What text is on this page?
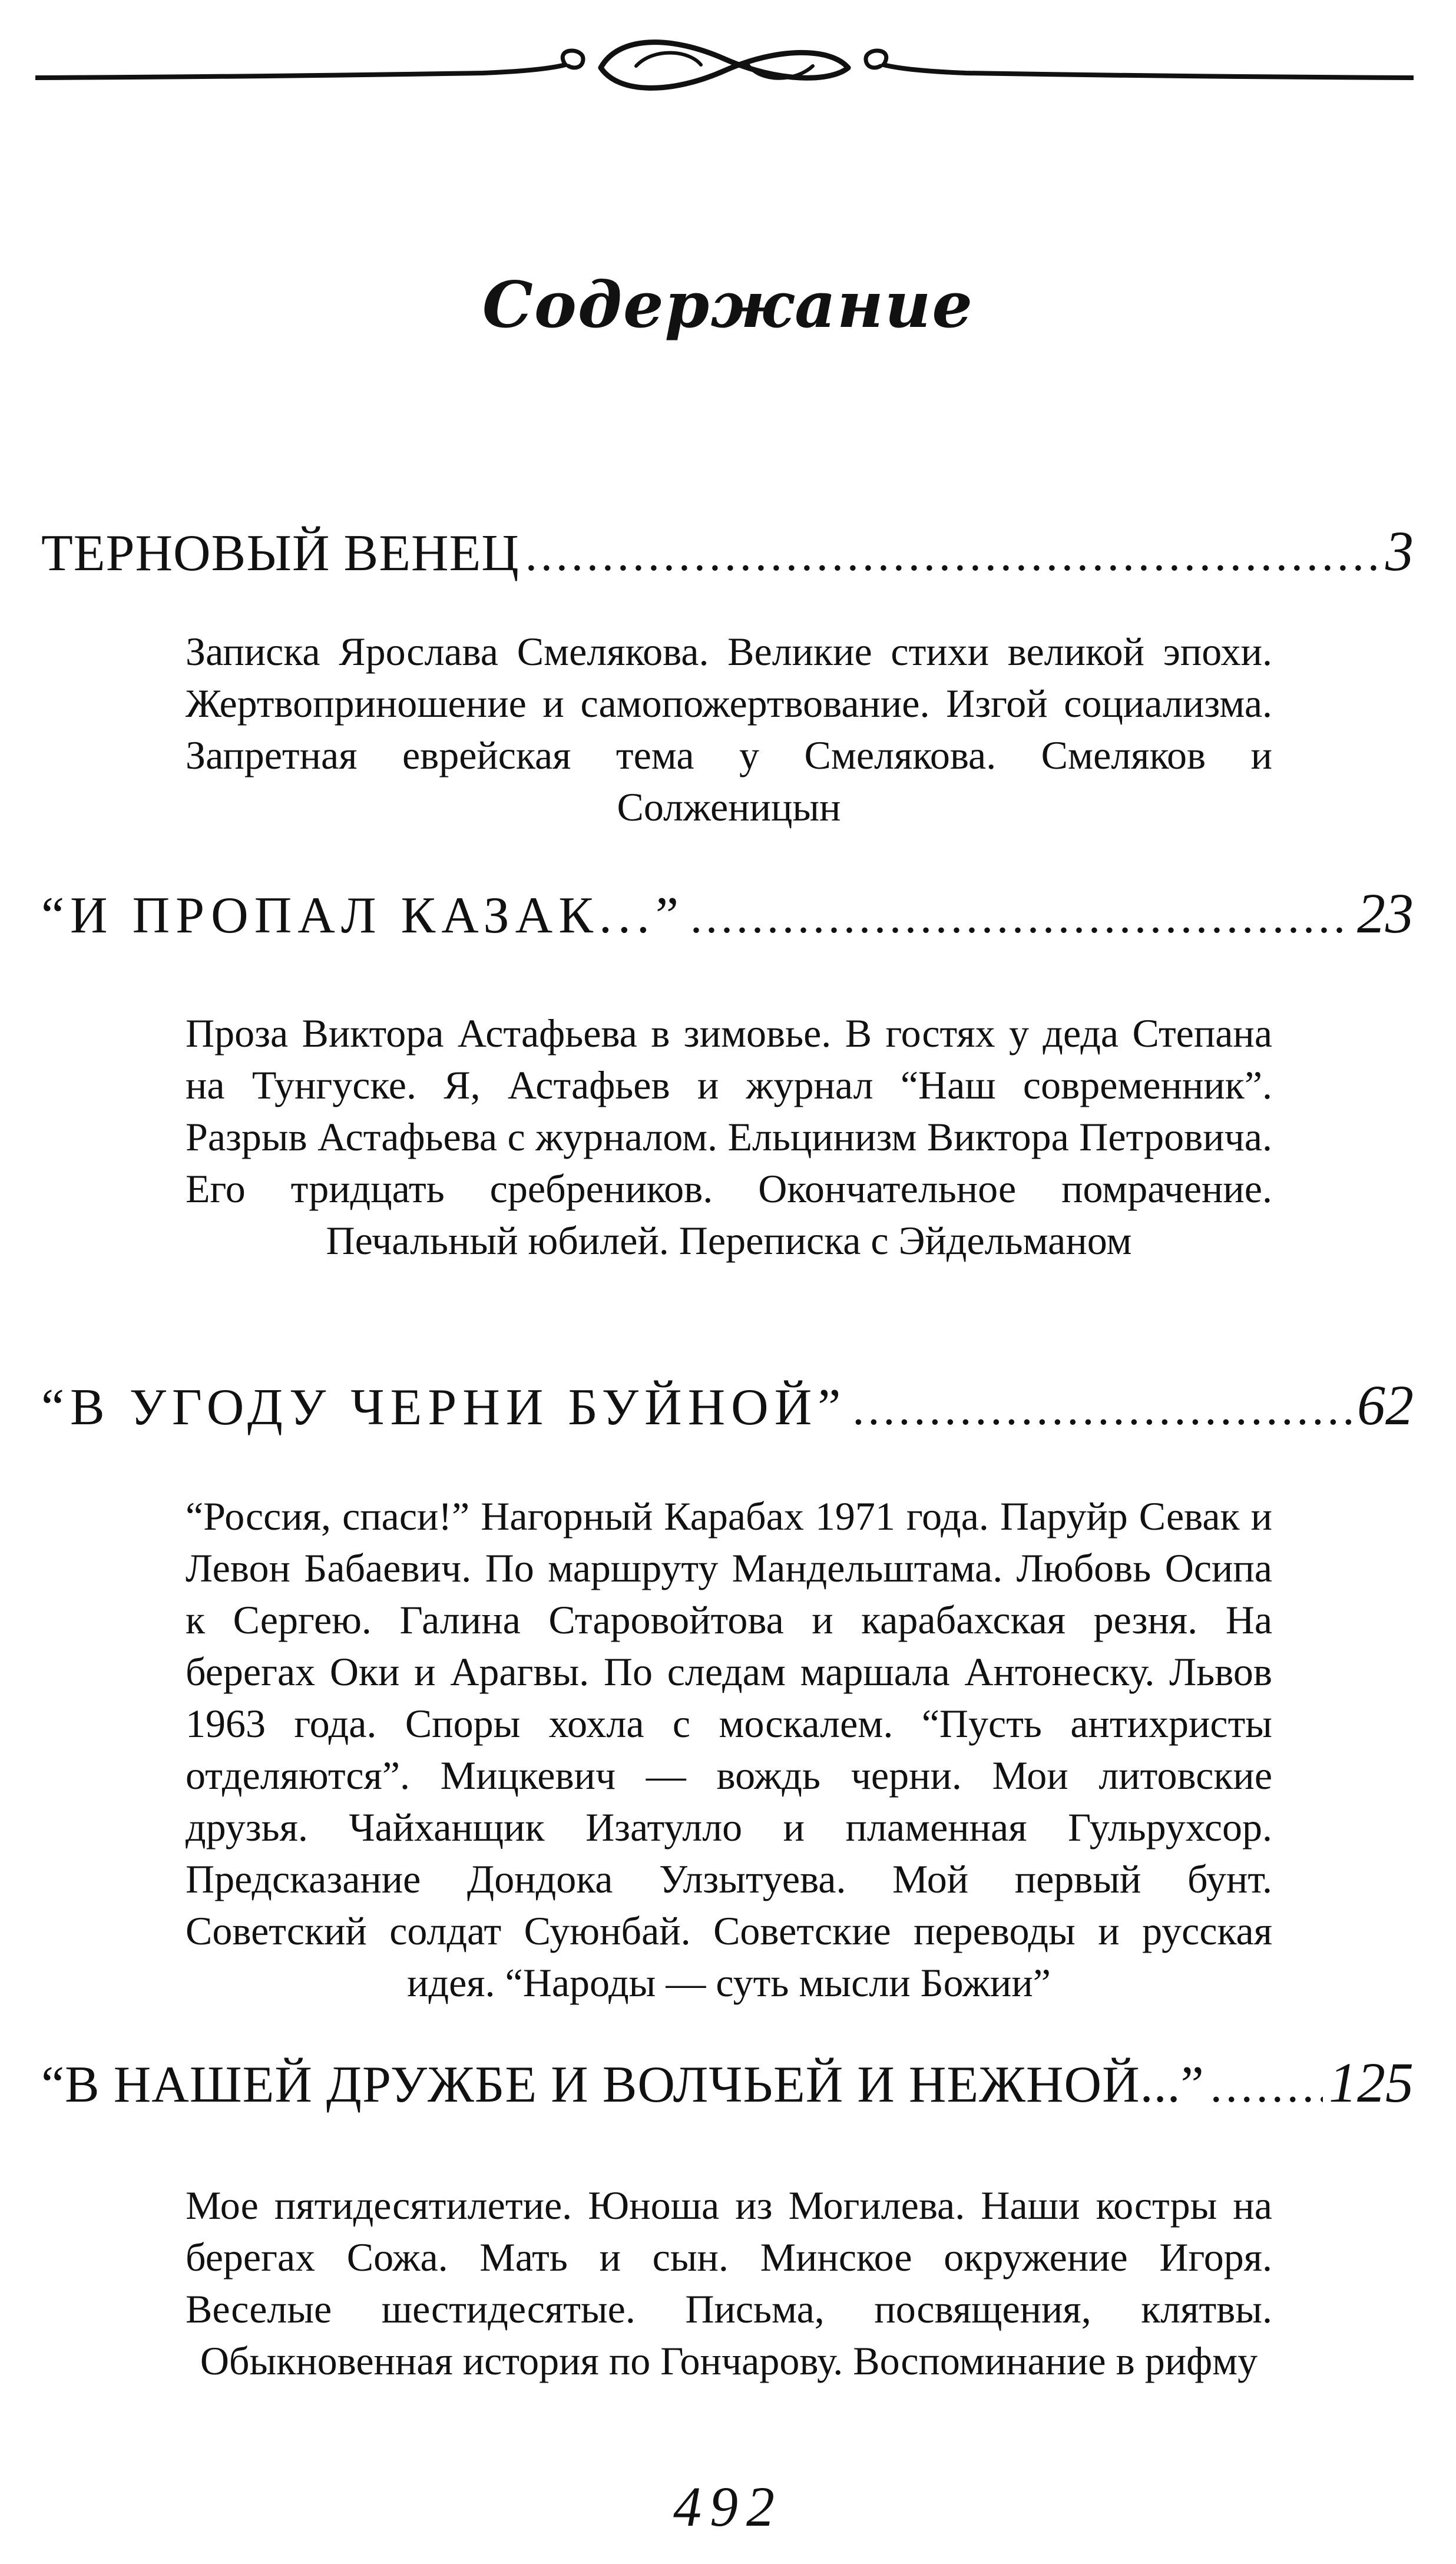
Содержание
ТЕРНОВЫЙ ВЕНЕЦ .....	3
Записка Ярослава Смелякова. Великие стихи великой эпохи. Жертвоприношение и самопожертвование. Изгой социализма. Запретная еврейская тема у Смелякова. Смеляков и Солженицын
“И ПРОПАЛ КАЗАК...” .....	23
Проза Виктора Астафьева в зимовье. В гостях у деда Степана на Тунгуске. Я, Астафьев и журнал “Наш современник”. Разрыв Астафьева с журналом. Ельцинизм Виктора Петровича. Его тридцать сребреников. Окончательное помрачение. Печальный юбилей. Переписка с Эйдельманом
“В УГОДУ ЧЕРНИ БУЙНОЙ” .....	62
“Россия, спаси!” Нагорный Карабах 1971 года. Паруйр Севак и Левон Бабаевич. По маршруту Мандельштама. Любовь Осипа к Сергею. Галина Старовойтова и карабахская резня. На берегах Оки и Арагвы. По следам маршала Антонеску. Львов 1963 года. Споры хохла с москалем. “Пусть антихристы отделяются”. Мицкевич — вождь черни. Мои литовские друзья. Чайханщик Изатулло и пламенная Гульрухсор. Предсказание Дондока Улзытуева. Мой первый бунт. Советский солдат Суюнбай. Советские переводы и русская идея. “Народы — суть мысли Божии”
“В НАШЕЙ ДРУЖБЕ И ВОЛЧЬЕЙ И НЕЖНОЙ...” ..... 125
Мое пятидесятилетие. Юноша из Могилева. Наши костры на берегах Сожа. Мать и сын. Минское окружение Игоря. Веселые шестидесятые. Письма, посвящения, клятвы. Обыкновенная история по Гончарову. Воспоминание в рифму
492
